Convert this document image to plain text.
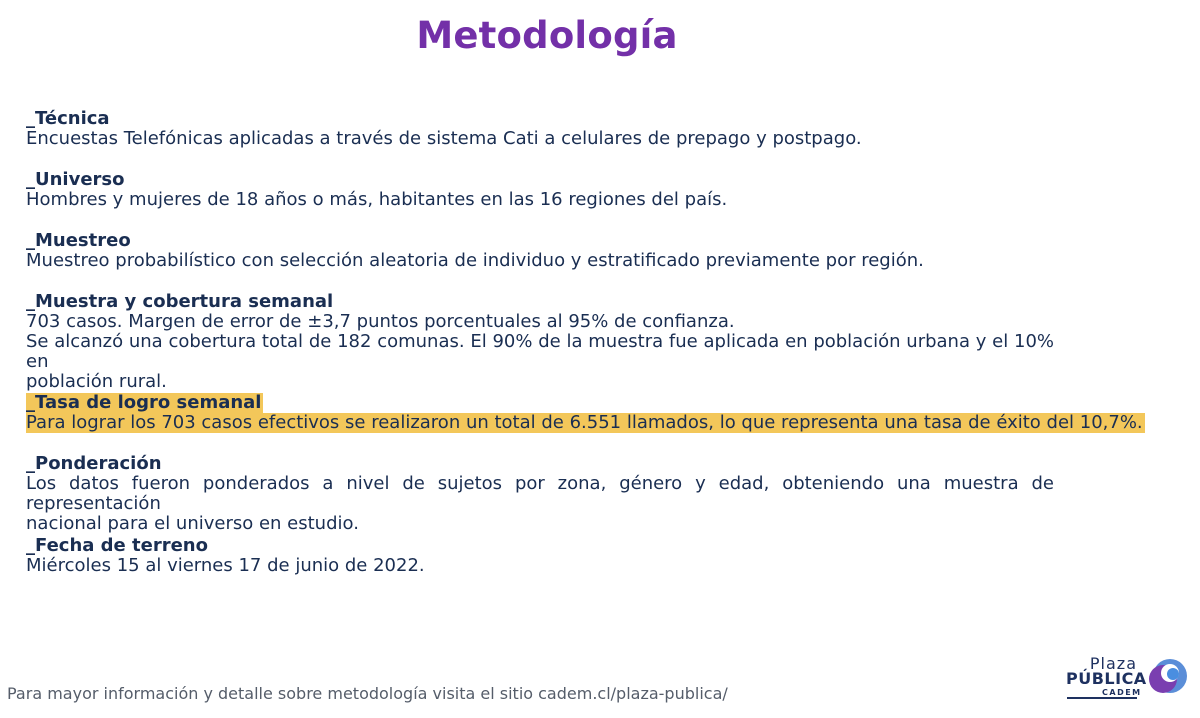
Metodología
_Técnica
Encuestas Telefónicas aplicadas a través de sistema Cati a celulares de prepago y postpago.
_Universo
Hombres y mujeres de 18 años o más, habitantes en las 16 regiones del país.
_Muestreo
Muestreo probabilístico con selección aleatoria de individuo y estratificado previamente por región.
_Muestra y cobertura semanal
703 casos. Margen de error de ±3,7 puntos porcentuales al 95% de confianza.
Se alcanzó una cobertura total de 182 comunas. El 90% de la muestra fue aplicada en población urbana y el 10% en
población rural.
_Tasa de logro semanal
Para lograr los 703 casos efectivos se realizaron un total de 6.551 llamados, lo que representa una tasa de éxito del 10,7%.
_Ponderación
Los datos fueron ponderados a nivel de sujetos por zona, género y edad, obteniendo una muestra de representación
nacional para el universo en estudio.
_Fecha de terreno
Miércoles 15 al viernes 17 de junio de 2022.
Para mayor información y detalle sobre metodología visita el sitio cadem.cl/plaza-publica/
Plaza
PÚBLICA
CADEM
